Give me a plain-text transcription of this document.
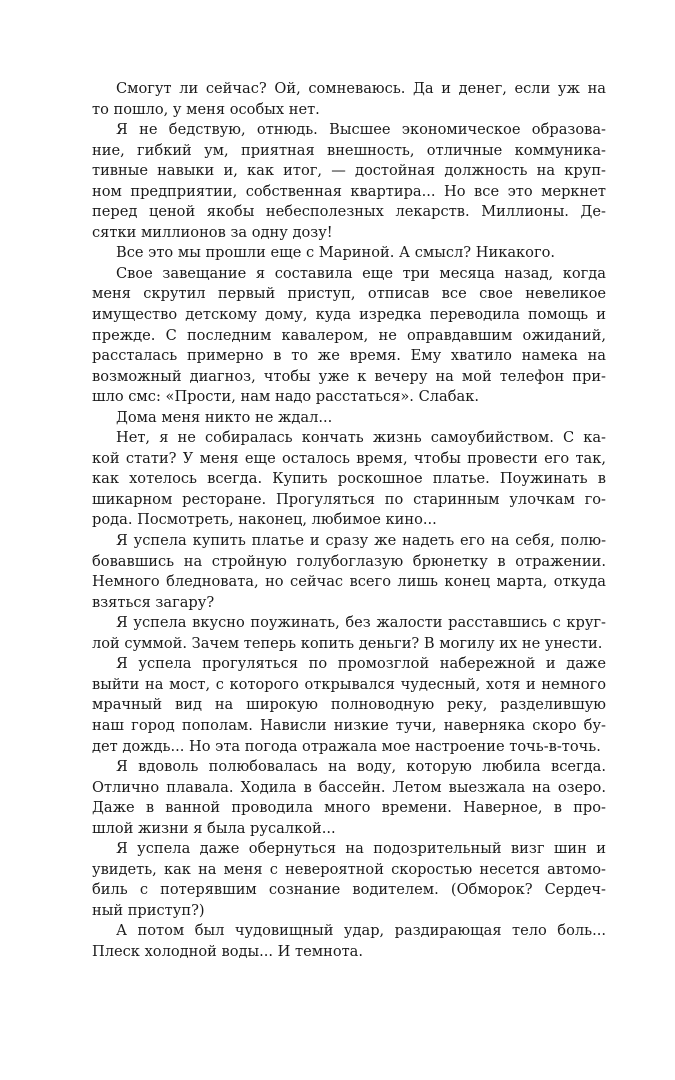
Смогут ли сейчас? Ой, сомневаюсь. Да и денег, если уж на
то пошло, у меня особых нет.
Я не бедствую, отнюдь. Высшее экономическое образова-
ние, гибкий ум, приятная внешность, отличные коммуника-
тивные навыки и, как итог, — достойная должность на круп-
ном предприятии, собственная квартира... Но все это меркнет
перед ценой якобы небесполезных лекарств. Миллионы. Де-
сятки миллионов за одну дозу!
Все это мы прошли еще с Мариной. А смысл? Никакого.
Свое завещание я составила еще три месяца назад, когда
меня скрутил первый приступ, отписав все свое невеликое
имущество детскому дому, куда изредка переводила помощь и
прежде. С последним кавалером, не оправдавшим ожиданий,
рассталась примерно в то же время. Ему хватило намека на
возможный диагноз, чтобы уже к вечеру на мой телефон при-
шло смс: «Прости, нам надо расстаться». Слабак.
Дома меня никто не ждал...
Нет, я не собиралась кончать жизнь самоубийством. С ка-
кой стати? У меня еще осталось время, чтобы провести его так,
как хотелось всегда. Купить роскошное платье. Поужинать в
шикарном ресторане. Прогуляться по старинным улочкам го-
рода. Посмотреть, наконец, любимое кино...
Я успела купить платье и сразу же надеть его на себя, полю-
бовавшись на стройную голубоглазую брюнетку в отражении.
Немного бледновата, но сейчас всего лишь конец марта, откуда
взяться загару?
Я успела вкусно поужинать, без жалости расставшись с круг-
лой суммой. Зачем теперь копить деньги? В могилу их не унести.
Я успела прогуляться по промозглой набережной и даже
выйти на мост, с которого открывался чудесный, хотя и немного
мрачный вид на широкую полноводную реку, разделившую
наш город пополам. Нависли низкие тучи, наверняка скоро бу-
дет дождь... Но эта погода отражала мое настроение точь-в-точь.
Я вдоволь полюбовалась на воду, которую любила всегда.
Отлично плавала. Ходила в бассейн. Летом выезжала на озеро.
Даже в ванной проводила много времени. Наверное, в про-
шлой жизни я была русалкой...
Я успела даже обернуться на подозрительный визг шин и
увидеть, как на меня с невероятной скоростью несется автомо-
биль с потерявшим сознание водителем. (Обморок? Сердеч-
ный приступ?)
А потом был чудовищный удар, раздирающая тело боль...
Плеск холодной воды... И темнота.
